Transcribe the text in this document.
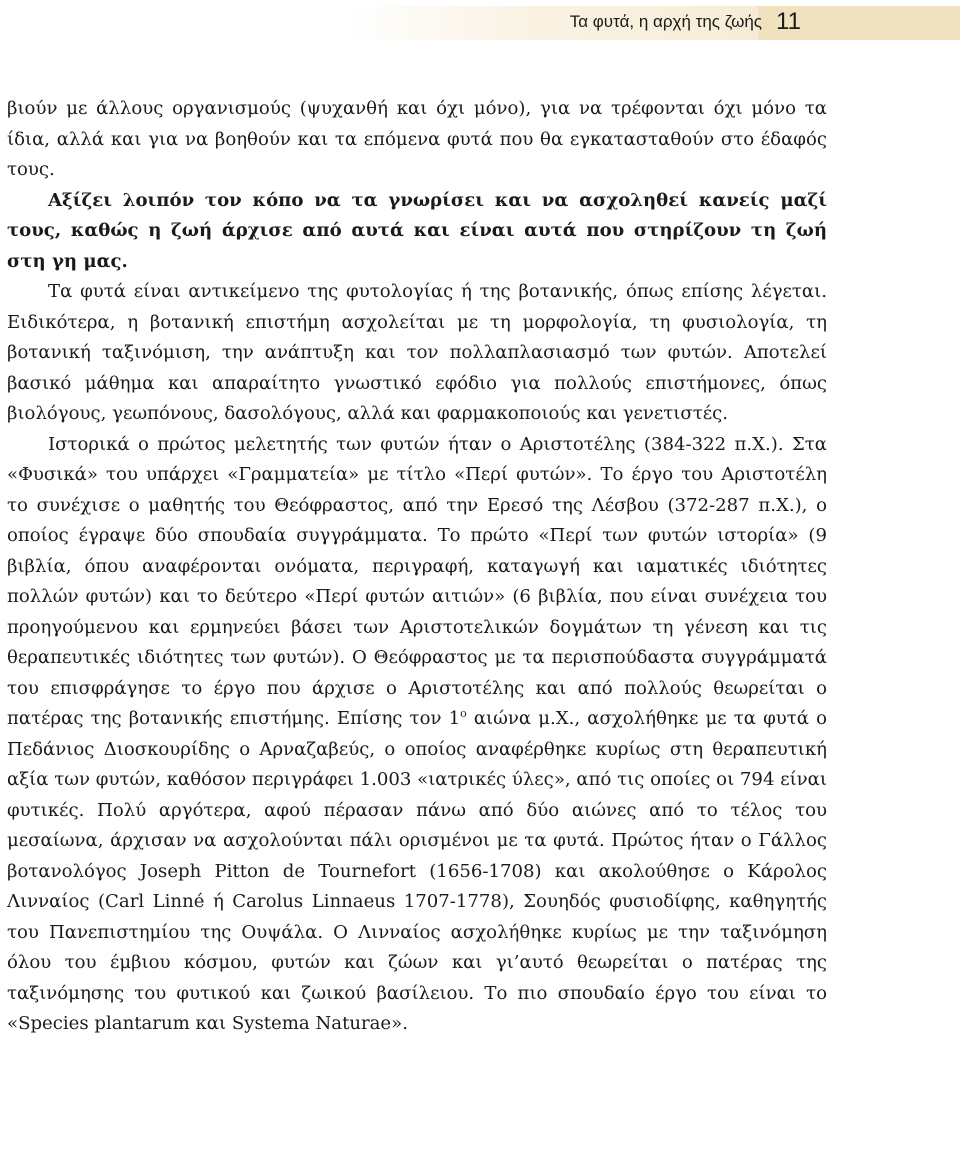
Τα φυτά, η αρχή της ζωής 11

βιούν με άλλους οργανισμούς (ψυχανθή και όχι μόνο), για να τρέφονται όχι μόνο τα ίδια, αλλά και για να βοηθούν και τα επόμενα φυτά που θα εγκατασταθούν στο έδαφός τους.

Αξίζει λοιπόν τον κόπο να τα γνωρίσει και να ασχοληθεί κανείς μαζί τους, καθώς η ζωή άρχισε από αυτά και είναι αυτά που στηρίζουν τη ζωή στη γη μας.

Τα φυτά είναι αντικείμενο της φυτολογίας ή της βοτανικής, όπως επίσης λέγεται. Ειδικότερα, η βοτανική επιστήμη ασχολείται με τη μορφολογία, τη φυσιολογία, τη βοτανική ταξινόμιση, την ανάπτυξη και τον πολλαπλασιασμό των φυτών. Αποτελεί βασικό μάθημα και απαραίτητο γνωστικό εφόδιο για πολλούς επιστήμονες, όπως βιολόγους, γεωπόνους, δασολόγους, αλλά και φαρμακοποιούς και γενετιστές.

Ιστορικά ο πρώτος μελετητής των φυτών ήταν ο Αριστοτέλης (384-322 π.Χ.). Στα «Φυσικά» του υπάρχει «Γραμματεία» με τίτλο «Περί φυτών». Το έργο του Αριστοτέλη το συνέχισε ο μαθητής του Θεόφραστος, από την Ερεσό της Λέσβου (372-287 π.Χ.), ο οποίος έγραψε δύο σπουδαία συγγράμματα. Το πρώτο «Περί των φυτών ιστορία» (9 βιβλία, όπου αναφέρονται ονόματα, περιγραφή, καταγωγή και ιαματικές ιδιότητες πολλών φυτών) και το δεύτερο «Περί φυτών αιτιών» (6 βιβλία, που είναι συνέχεια του προηγούμενου και ερμηνεύει βάσει των Αριστοτελικών δογμάτων τη γένεση και τις θεραπευτικές ιδιότητες των φυτών). Ο Θεόφραστος με τα περισπούδαστα συγγράμματά του επισφράγησε το έργο που άρχισε ο Αριστοτέλης και από πολλούς θεωρείται ο πατέρας της βοτανικής επιστήμης. Επίσης τον $1^o$ αιώνα μ.Χ., ασχολήθηκε με τα φυτά ο Πεδάνιος Διοσκουρίδης ο Αρναζαβεύς, ο οποίος αναφέρθηκε κυρίως στη θεραπευτική αξία των φυτών, καθόσον περιγράφει 1.003 «ιατρικές ύλες», από τις οποίες οι 794 είναι φυτικές. Πολύ αργότερα, αφού πέρασαν πάνω από δύο αιώνες από το τέλος του μεσαίωνα, άρχισαν να ασχολούνται πάλι ορισμένοι με τα φυτά. Πρώτος ήταν ο Γάλλος βοτανολόγος Joseph Pitton de Tournefort (1656-1708) και ακολούθησε ο Κάρολος Λινναίος (Carl Linné ή Carolus Linnaeus 1707-1778), Σουηδός φυσιοδίφης, καθηγητής του Πανεπιστημίου της Ουψάλα. Ο Λινναίος ασχολήθηκε κυρίως με την ταξινόμηση όλου του έμβιου κόσμου, φυτών και ζώων και γι’αυτό θεωρείται ο πατέρας της ταξινόμησης του φυτικού και ζωικού βασίλειου. Το πιο σπουδαίο έργο του είναι το «Species plantarum και Systema Naturae».
